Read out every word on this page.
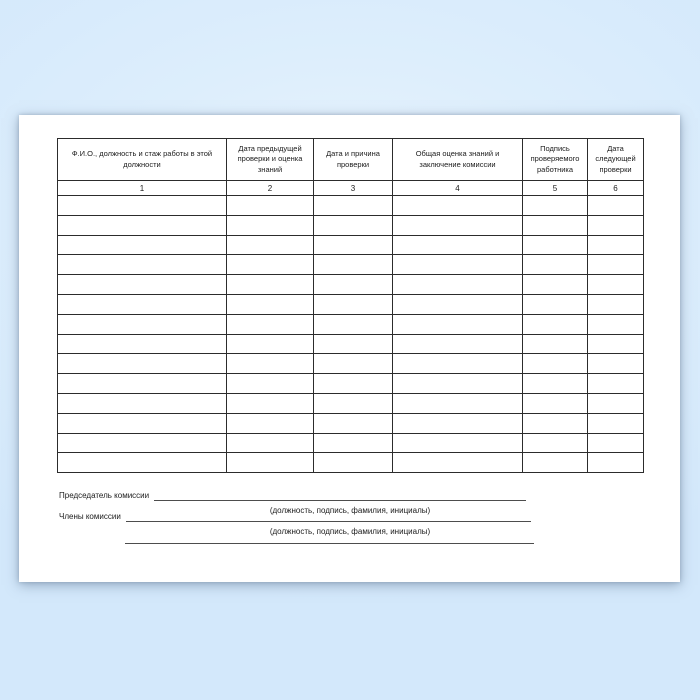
Ф.И.О., должность и стаж работы в этой должности	Дата предыдущей проверки и оценка знаний	Дата и причина проверки	Общая оценка знаний и заключение комиссии	Подпись проверяемого работника	Дата следующей проверки
1	2	3	4	5	6

Председатель комиссии
(должность, подпись, фамилия, инициалы)
Члены комиссии
(должность, подпись, фамилия, инициалы)
